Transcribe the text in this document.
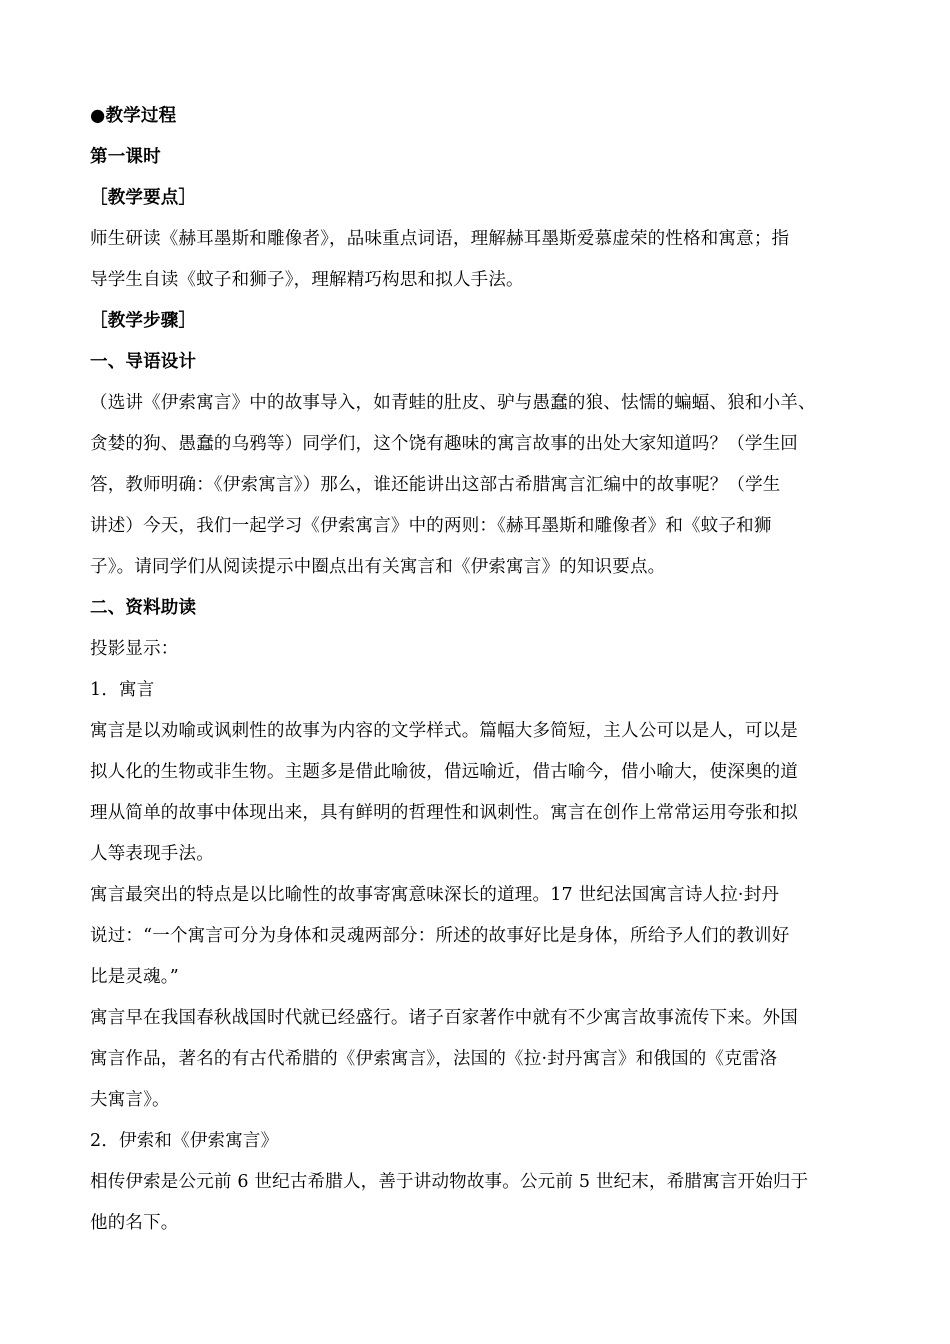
●教学过程
第一课时
［教学要点］
师生研读《赫耳墨斯和雕像者》，品味重点词语，理解赫耳墨斯爱慕虚荣的性格和寓意；指
导学生自读《蚊子和狮子》，理解精巧构思和拟人手法。
［教学步骤］
一、导语设计
（选讲《伊索寓言》中的故事导入，如青蛙的肚皮、驴与愚蠢的狼、怯懦的蝙蝠、狼和小羊、
贪婪的狗、愚蠢的乌鸦等）同学们，这个饶有趣味的寓言故事的出处大家知道吗？（学生回
答，教师明确：《伊索寓言》）那么，谁还能讲出这部古希腊寓言汇编中的故事呢？（学生
讲述）今天，我们一起学习《伊索寓言》中的两则：《赫耳墨斯和雕像者》和《蚊子和狮
子》。请同学们从阅读提示中圈点出有关寓言和《伊索寓言》的知识要点。
二、资料助读
投影显示：
1．寓言
寓言是以劝喻或讽刺性的故事为内容的文学样式。篇幅大多简短，主人公可以是人，可以是
拟人化的生物或非生物。主题多是借此喻彼，借远喻近，借古喻今，借小喻大，使深奥的道
理从简单的故事中体现出来，具有鲜明的哲理性和讽刺性。寓言在创作上常常运用夸张和拟
人等表现手法。
寓言最突出的特点是以比喻性的故事寄寓意味深长的道理。17 世纪法国寓言诗人拉·封丹
说过：“一个寓言可分为身体和灵魂两部分：所述的故事好比是身体，所给予人们的教训好
比是灵魂。”
寓言早在我国春秋战国时代就已经盛行。诸子百家著作中就有不少寓言故事流传下来。外国
寓言作品，著名的有古代希腊的《伊索寓言》，法国的《拉·封丹寓言》和俄国的《克雷洛
夫寓言》。
2．伊索和《伊索寓言》
相传伊索是公元前 6 世纪古希腊人，善于讲动物故事。公元前 5 世纪末，希腊寓言开始归于
他的名下。
